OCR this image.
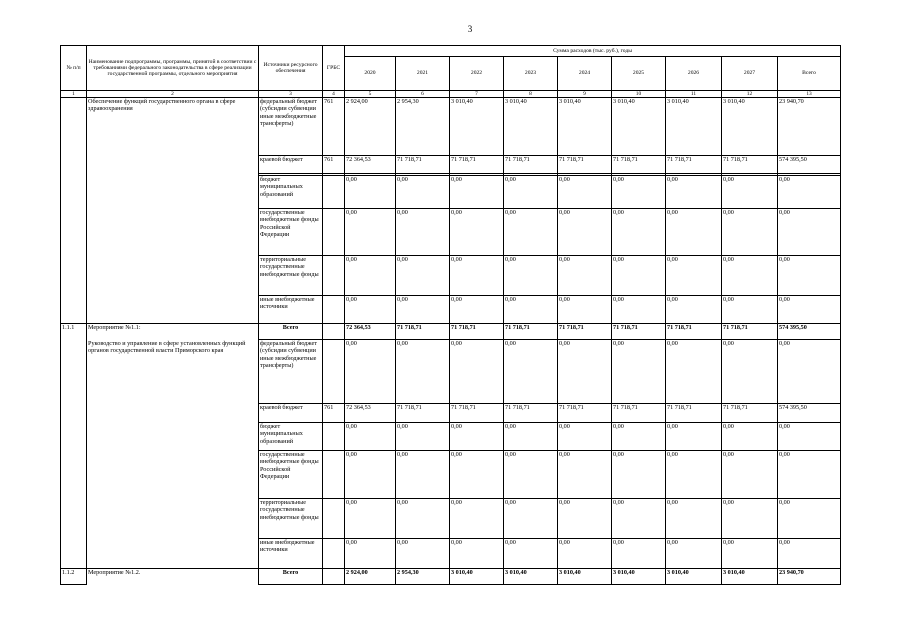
3
№ п/п	Наименование подпрограммы, программы, принятой в соответствии с требованиями федерального законодательства в сфере реализации государственной программы, отдельного мероприятия	Источники ресурсного обеспечения	ГРБС	Сумма расходов (тыс. руб.), годы								
				2020	2021	2022	2023	2024	2025	2026	2027	Всего
1	2	3	4	5	6	7	8	9	10	11	12	13
	Обеспечение функций государственного органа в сфере здравоохранения	федеральный бюджет (субсидии субвенции иные межбюджетные трансферты)	761	2 924,00	2 954,30	3 010,40	3 010,40	3 010,40	3 010,40	3 010,40	3 010,40	23 940,70
		краевой бюджет	761	72 364,53	71 718,71	71 718,71	71 718,71	71 718,71	71 718,71	71 718,71	71 718,71	574 395,50

		бюджет муниципальных образований		0,00	0,00	0,00	0,00	0,00	0,00	0,00	0,00	0,00
		государственные внебюджетные фонды Российской Федерации		0,00	0,00	0,00	0,00	0,00	0,00	0,00	0,00	0,00
		территориальные государственные внебюджетные фонды		0,00	0,00	0,00	0,00	0,00	0,00	0,00	0,00	0,00
		иные внебюджетные источники		0,00	0,00	0,00	0,00	0,00	0,00	0,00	0,00	0,00
1.1.1	Мероприятие №1.1:	Всего		72 364,53	71 718,71	71 718,71	71 718,71	71 718,71	71 718,71	71 718,71	71 718,71	574 395,50
	Руководство и управление в сфере установленных функций органов государственной власти Приморского края	федеральный бюджет (субсидии субвенции иные межбюджетные трансферты)		0,00	0,00	0,00	0,00	0,00	0,00	0,00	0,00	0,00
		краевой бюджет	761	72 364,53	71 718,71	71 718,71	71 718,71	71 718,71	71 718,71	71 718,71	71 718,71	574 395,50
		бюджет муниципальных образований		0,00	0,00	0,00	0,00	0,00	0,00	0,00	0,00	0,00
		государственные внебюджетные фонды Российской Федерации		0,00	0,00	0,00	0,00	0,00	0,00	0,00	0,00	0,00
		территориальные государственные внебюджетные фонды		0,00	0,00	0,00	0,00	0,00	0,00	0,00	0,00	0,00
		иные внебюджетные источники		0,00	0,00	0,00	0,00	0,00	0,00	0,00	0,00	0,00
1.1.2	Мероприятие №1.2.	Всего		2 924,00	2 954,30	3 010,40	3 010,40	3 010,40	3 010,40	3 010,40	3 010,40	23 940,70
